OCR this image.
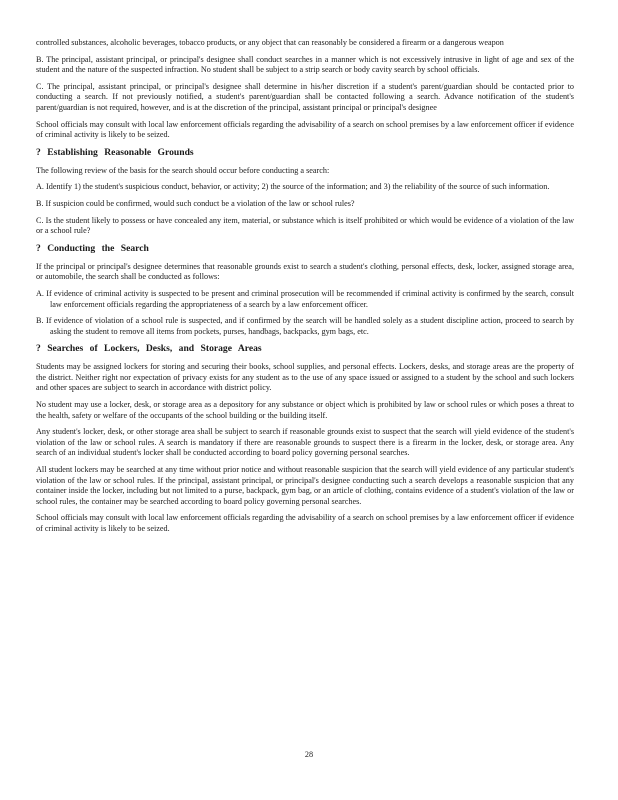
controlled substances, alcoholic beverages, tobacco products, or any object that can reasonably be considered a firearm or a dangerous weapon

B. The principal, assistant principal, or principal's designee shall conduct searches in a manner which is not excessively intrusive in light of age and sex of the student and the nature of the suspected infraction. No student shall be subject to a strip search or body cavity search by school officials.

C. The principal, assistant principal, or principal's designee shall determine in his/her discretion if a student's parent/guardian should be contacted prior to conducting a search. If not previously notified, a student's parent/guardian shall be contacted following a search. Advance notification of the student's parent/guardian is not required, however, and is at the discretion of the principal, assistant principal or principal's designee

School officials may consult with local law enforcement officials regarding the advisability of a search on school premises by a law enforcement officer if evidence of criminal activity is likely to be seized.

? Establishing Reasonable Grounds

The following review of the basis for the search should occur before conducting a search:

A. Identify 1) the student's suspicious conduct, behavior, or activity; 2) the source of the information; and 3) the reliability of the source of such information.

B. If suspicion could be confirmed, would such conduct be a violation of the law or school rules?

C. Is the student likely to possess or have concealed any item, material, or substance which is itself prohibited or which would be evidence of a violation of the law or a school rule?

? Conducting the Search

If the principal or principal's designee determines that reasonable grounds exist to search a student's clothing, personal effects, desk, locker, assigned storage area, or automobile, the search shall be conducted as follows:

A. If evidence of criminal activity is suspected to be present and criminal prosecution will be recommended if criminal activity is confirmed by the search, consult law enforcement officials regarding the appropriateness of a search by a law enforcement officer.

B. If evidence of violation of a school rule is suspected, and if confirmed by the search will be handled solely as a student discipline action, proceed to search by asking the student to remove all items from pockets, purses, handbags, backpacks, gym bags, etc.

? Searches of Lockers, Desks, and Storage Areas

Students may be assigned lockers for storing and securing their books, school supplies, and personal effects. Lockers, desks, and storage areas are the property of the district. Neither right nor expectation of privacy exists for any student as to the use of any space issued or assigned to a student by the school and such lockers and other spaces are subject to search in accordance with district policy.

No student may use a locker, desk, or storage area as a depository for any substance or object which is prohibited by law or school rules or which poses a threat to the health, safety or welfare of the occupants of the school building or the building itself.

Any student's locker, desk, or other storage area shall be subject to search if reasonable grounds exist to suspect that the search will yield evidence of the student's violation of the law or school rules. A search is mandatory if there are reasonable grounds to suspect there is a firearm in the locker, desk, or storage area. Any search of an individual student's locker shall be conducted according to board policy governing personal searches.

All student lockers may be searched at any time without prior notice and without reasonable suspicion that the search will yield evidence of any particular student's violation of the law or school rules. If the principal, assistant principal, or principal's designee conducting such a search develops a reasonable suspicion that any container inside the locker, including but not limited to a purse, backpack, gym bag, or an article of clothing, contains evidence of a student's violation of the law or school rules, the container may be searched according to board policy governing personal searches.

School officials may consult with local law enforcement officials regarding the advisability of a search on school premises by a law enforcement officer if evidence of criminal activity is likely to be seized.

28
